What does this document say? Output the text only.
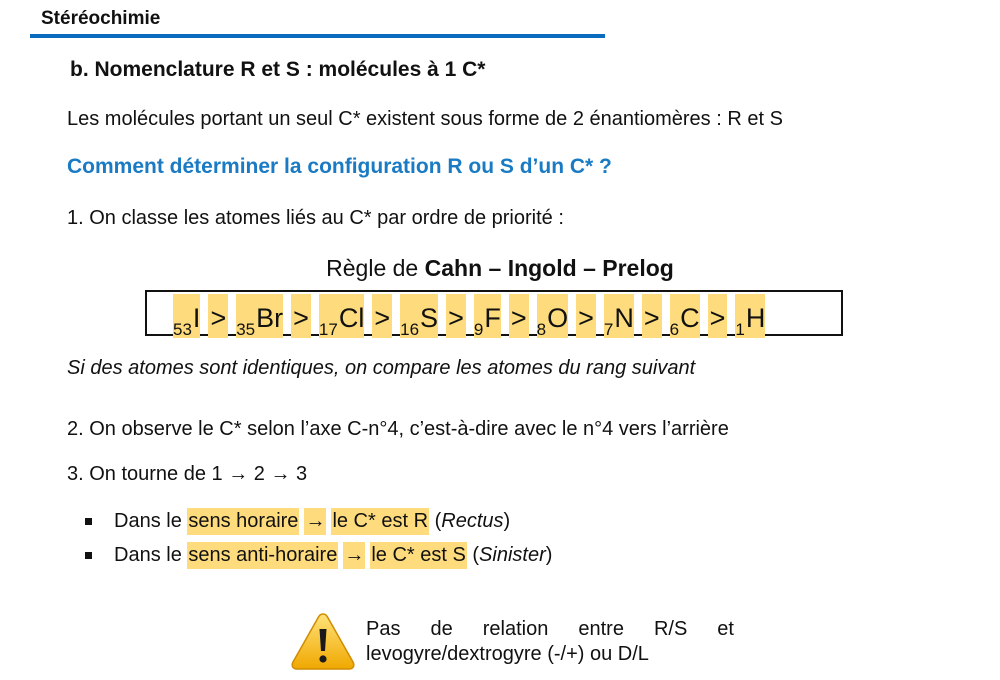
Stéréochimie
b. Nomenclature R et S : molécules à 1 C*
Les molécules portant un seul C* existent sous forme de 2 énantiomères : R et S
Comment déterminer la configuration R ou S d’un C* ?
1. On classe les atomes liés au C* par ordre de priorité :
Règle de Cahn – Ingold – Prelog
$_{53}$ I > $_{35}$ Br > $_{17}$ Cl > $_{16}$ S > $_9$ F > $_8$ O > $_7$ N > $_6$ C > $_1$ H
Si des atomes sont identiques, on compare les atomes du rang suivant
2. On observe le C* selon l’axe C-n°4, c’est-à-dire avec le n°4 vers l’arrière
3. On tourne de 1 → 2 → 3
Dans le sens horaire → le C* est R ( Rectus )
Dans le sens anti-horaire → le C* est S ( Sinister )
Pas de relation entre R/S et
levogyre/dextrogyre (-/+) ou D/L
